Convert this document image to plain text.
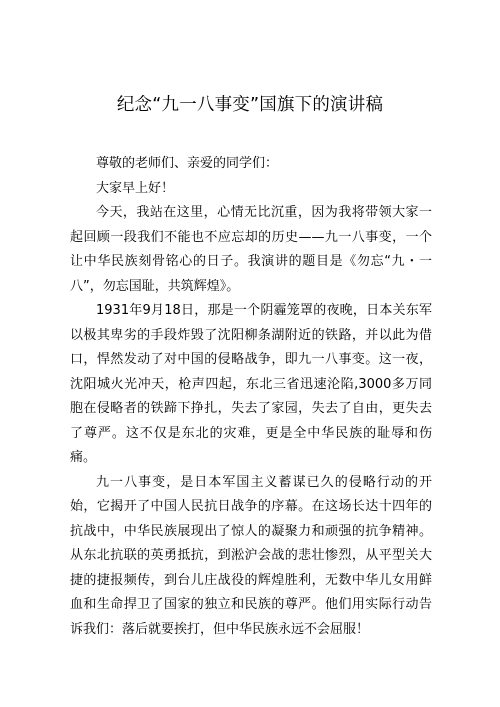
纪念“九一八事变”国旗下的演讲稿

尊敬的老师们、亲爱的同学们：

大家早上好！

今天，我站在这里，心情无比沉重，因为我将带领大家一起回顾一段我们不能也不应忘却的历史——九一八事变，一个让中华民族刻骨铭心的日子。我演讲的题目是《勿忘“九・一八”，勿忘国耻，共筑辉煌》。

1931年9月18日，那是一个阴霾笼罩的夜晚，日本关东军以极其卑劣的手段炸毁了沈阳柳条湖附近的铁路，并以此为借口，悍然发动了对中国的侵略战争，即九一八事变。这一夜，沈阳城火光冲天，枪声四起，东北三省迅速沦陷,3000多万同胞在侵略者的铁蹄下挣扎，失去了家园，失去了自由，更失去了尊严。这不仅是东北的灾难，更是全中华民族的耻辱和伤痛。

九一八事变，是日本军国主义蓄谋已久的侵略行动的开始，它揭开了中国人民抗日战争的序幕。在这场长达十四年的抗战中，中华民族展现出了惊人的凝聚力和顽强的抗争精神。从东北抗联的英勇抵抗，到淞沪会战的悲壮惨烈，从平型关大捷的捷报频传，到台儿庄战役的辉煌胜利，无数中华儿女用鲜血和生命捍卫了国家的独立和民族的尊严。他们用实际行动告诉我们：落后就要挨打，但中华民族永远不会屈服！
